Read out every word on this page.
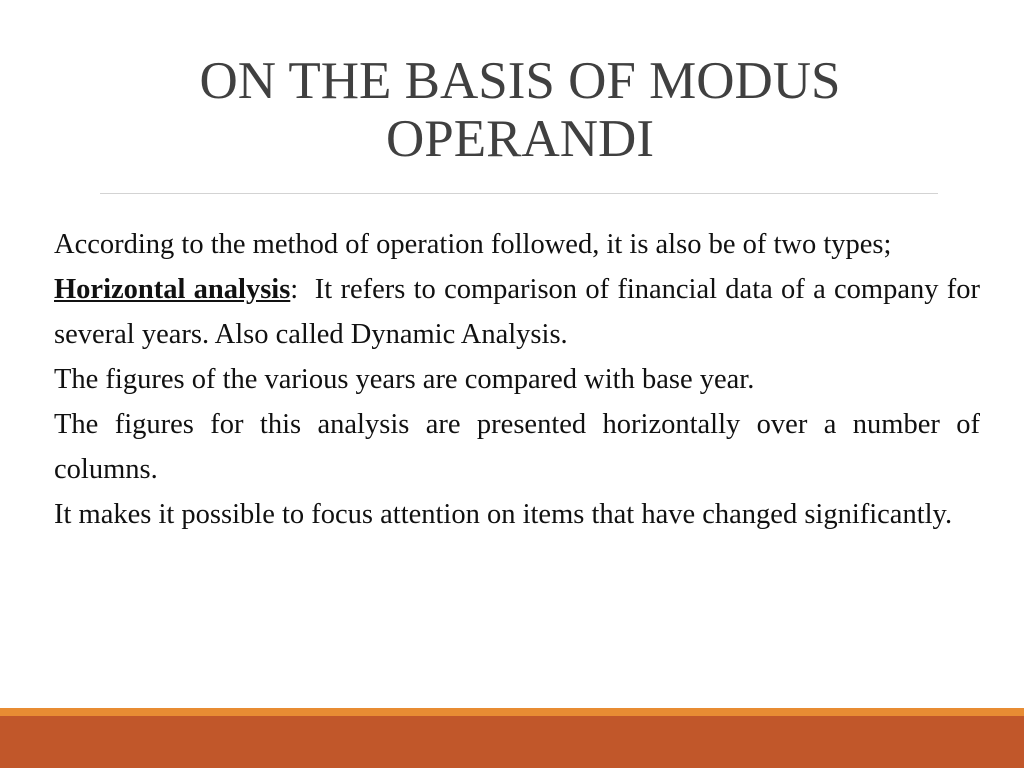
ON THE BASIS OF MODUS
OPERANDI

According to the method of operation followed, it is also be of two types;

Horizontal analysis:  It refers to comparison of financial data of a company for several years. Also called Dynamic Analysis.

The figures of the various years are compared with base year.

The figures for this analysis are presented horizontally over a number of columns.

It makes it possible to focus attention on items that have changed significantly.
